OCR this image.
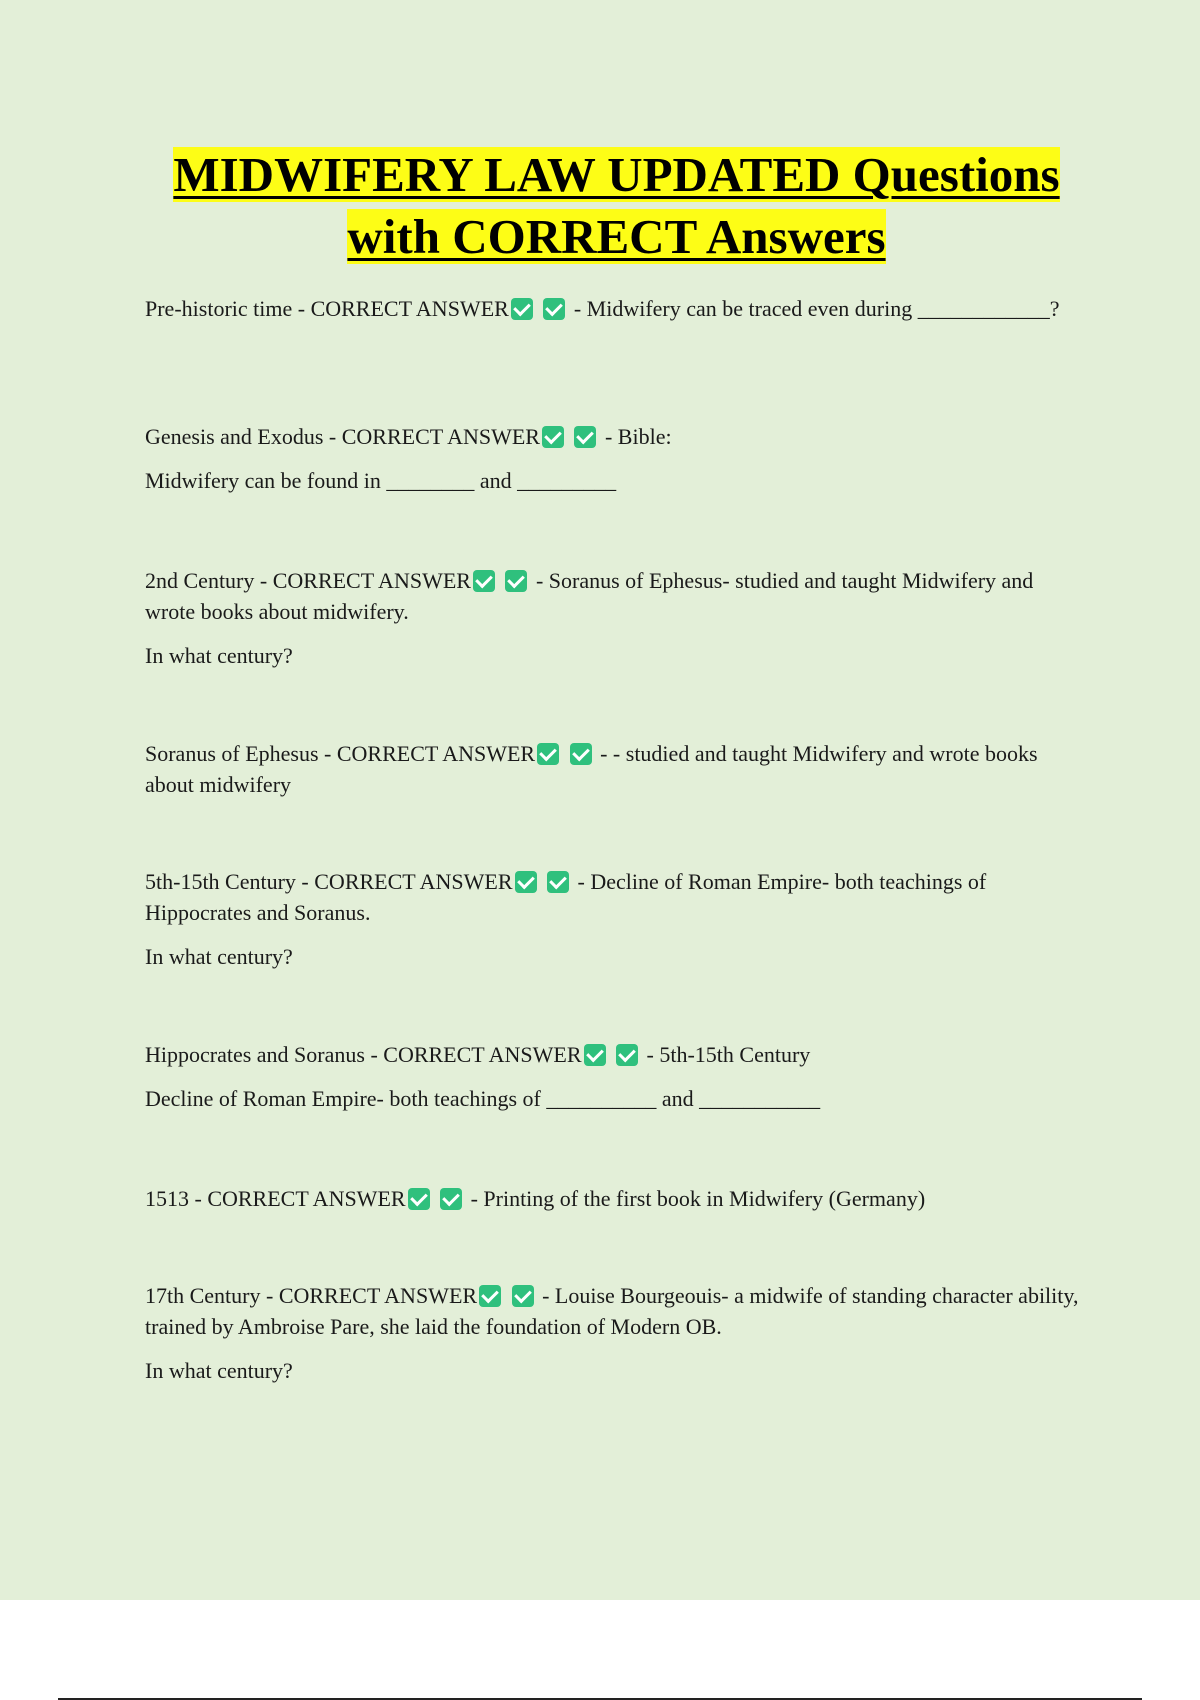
MIDWIFERY LAW UPDATED Questions
with CORRECT Answers

Pre-historic time - CORRECT ANSWER	- Midwifery can be traced even during ____________?

Genesis and Exodus - CORRECT ANSWER	- Bible:

Midwifery can be found in ________ and _________

2nd Century - CORRECT ANSWER	- Soranus of Ephesus- studied and taught Midwifery and wrote books about midwifery.

In what century?

Soranus of Ephesus - CORRECT ANSWER	- - studied and taught Midwifery and wrote books about midwifery

5th-15th Century - CORRECT ANSWER	- Decline of Roman Empire- both teachings of Hippocrates and Soranus.

In what century?

Hippocrates and Soranus - CORRECT ANSWER	- 5th-15th Century

Decline of Roman Empire- both teachings of __________ and ___________

1513 - CORRECT ANSWER	- Printing of the first book in Midwifery (Germany)

17th Century - CORRECT ANSWER	- Louise Bourgeouis- a midwife of standing character ability, trained by Ambroise Pare, she laid the foundation of Modern OB.

In what century?
